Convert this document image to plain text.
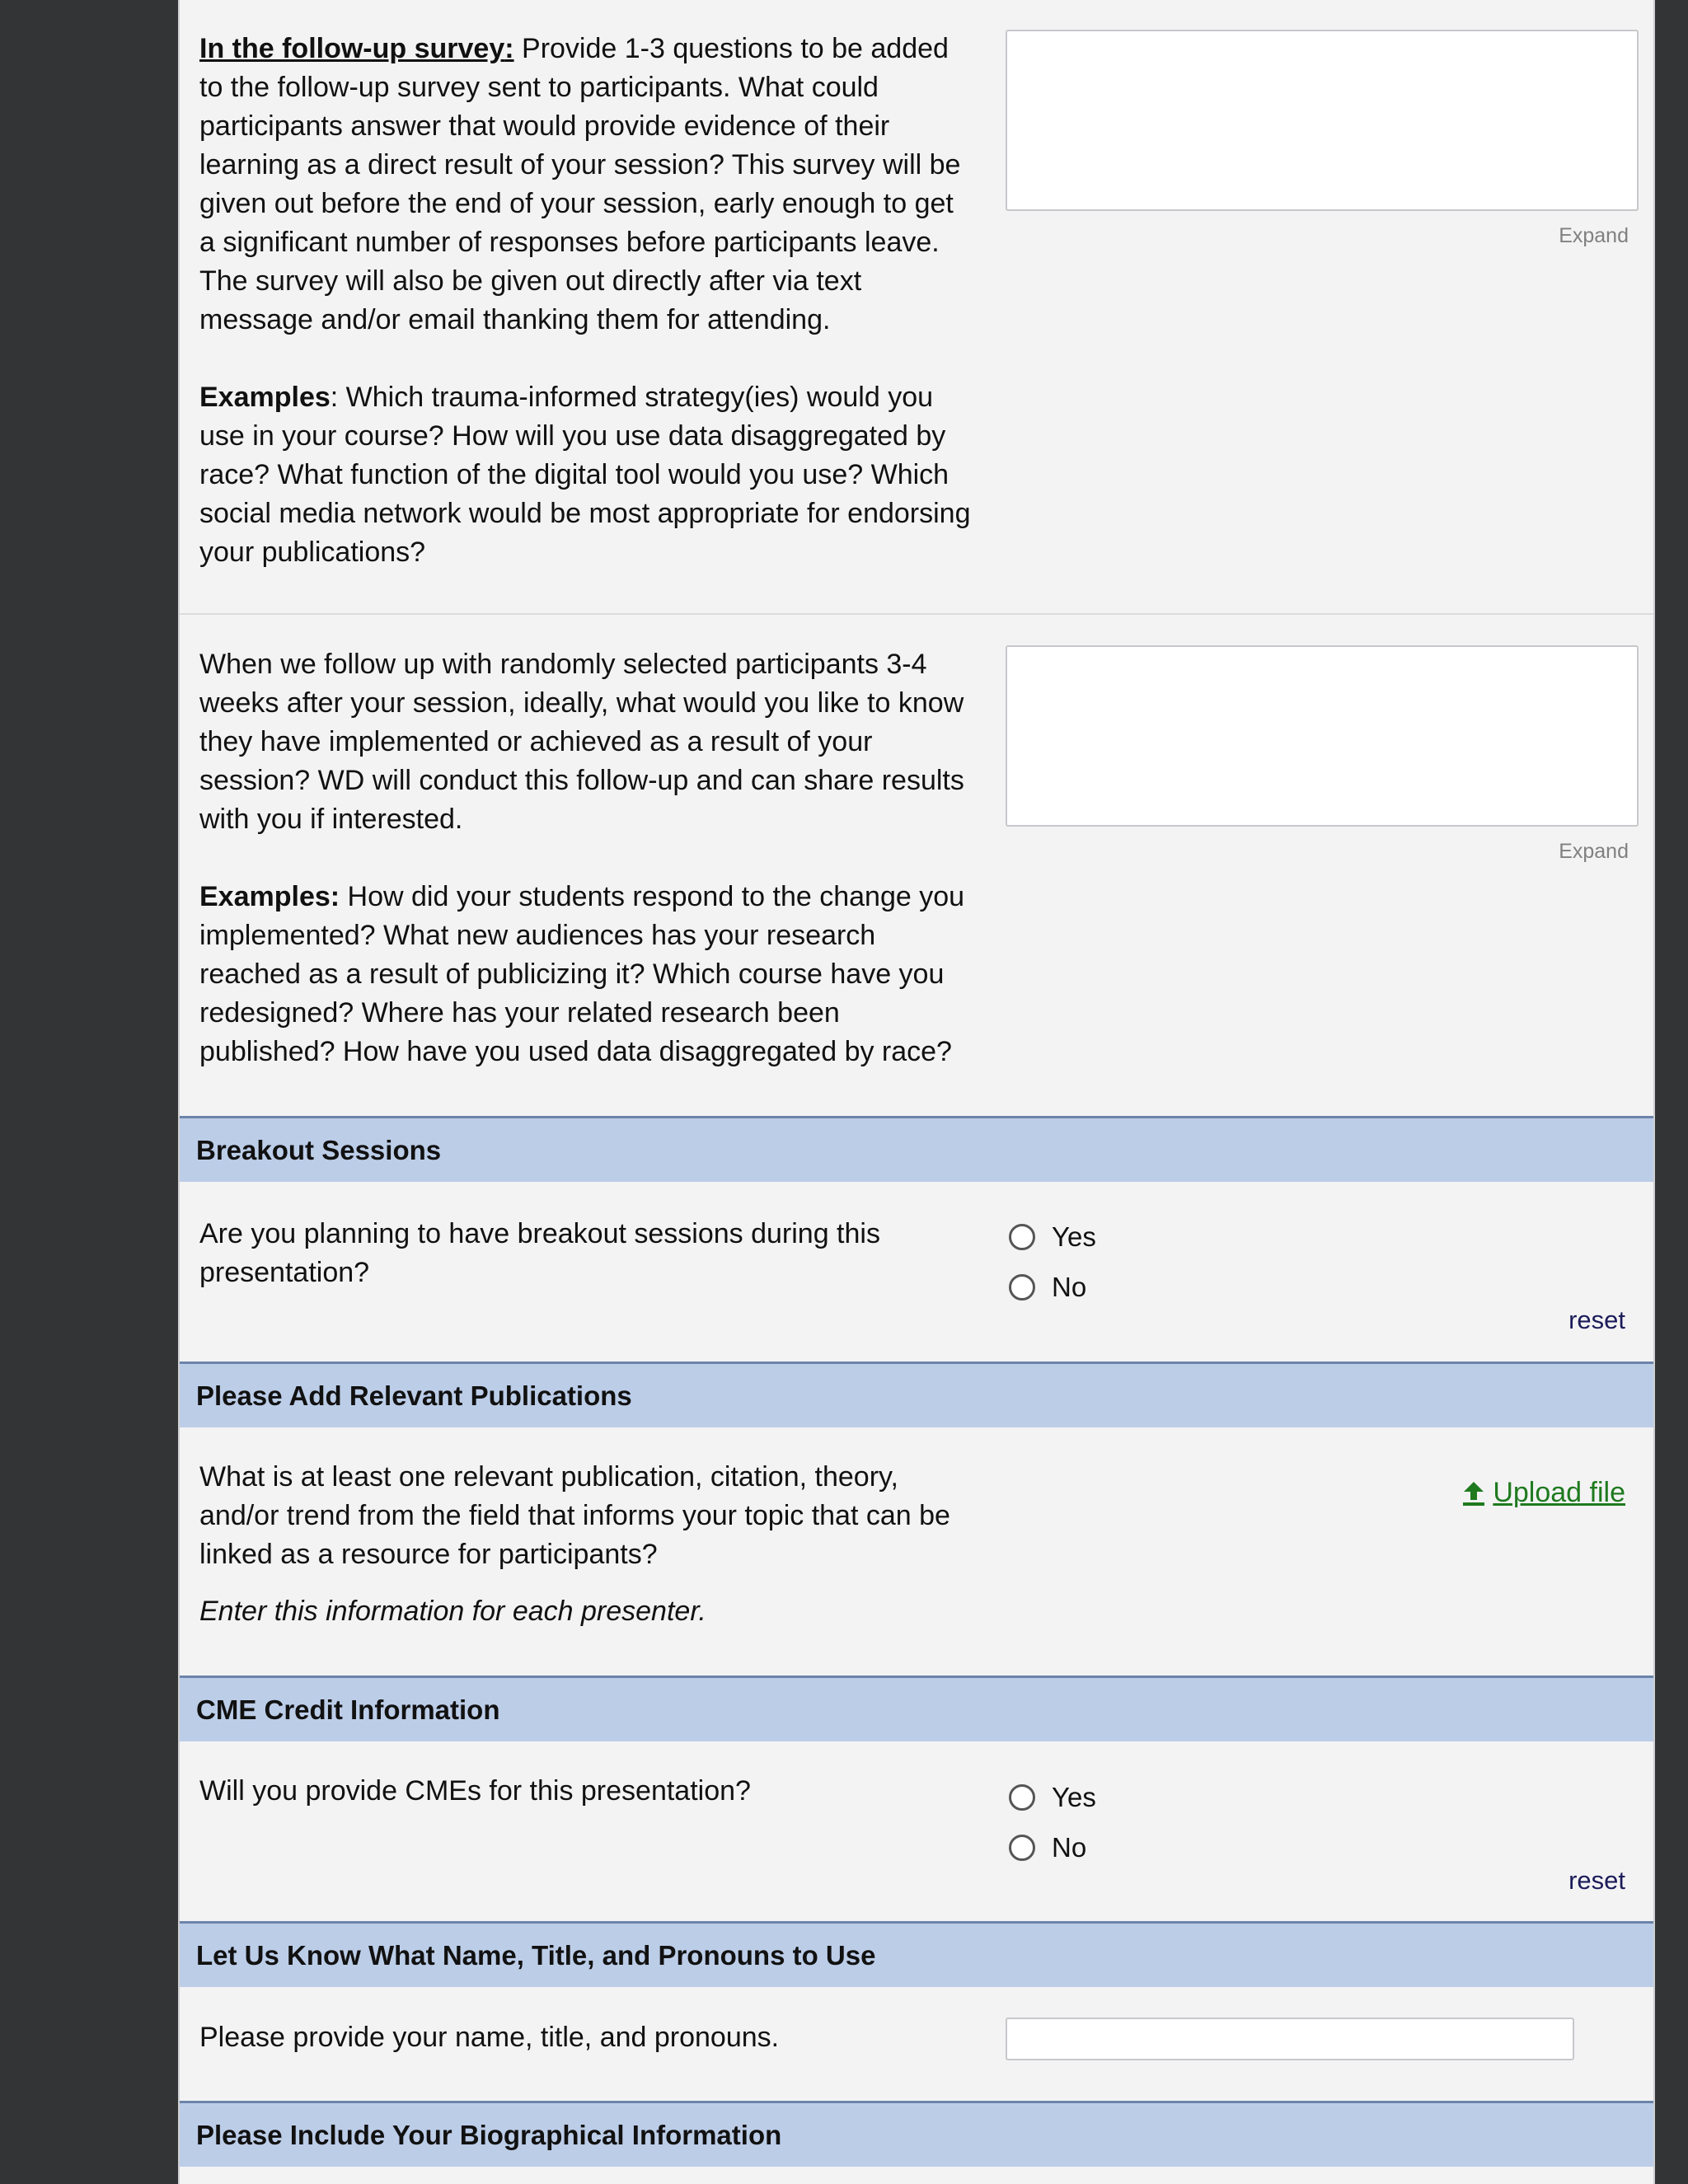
In the follow-up survey: Provide 1-3 questions to be added to the follow-up survey sent to participants. What could participants answer that would provide evidence of their learning as a direct result of your session? This survey will be given out before the end of your session, early enough to get a significant number of responses before participants leave. The survey will also be given out directly after via text message and/or email thanking them for attending.

Examples: Which trauma-informed strategy(ies) would you use in your course? How will you use data disaggregated by race? What function of the digital tool would you use? Which social media network would be most appropriate for endorsing your publications?

Expand

When we follow up with randomly selected participants 3-4 weeks after your session, ideally, what would you like to know they have implemented or achieved as a result of your session? WD will conduct this follow-up and can share results with you if interested.

Examples: How did your students respond to the change you implemented? What new audiences has your research reached as a result of publicizing it? Which course have you redesigned? Where has your related research been published? How have you used data disaggregated by race?

Expand
Breakout Sessions
Are you planning to have breakout sessions during this presentation?
Yes
No
reset
Please Add Relevant Publications

What is at least one relevant publication, citation, theory, and/or trend from the field that informs your topic that can be linked as a resource for participants?

Enter this information for each presenter.

Upload file
CME Credit Information
Will you provide CMEs for this presentation?	Yes
No
reset
Let Us Know What Name, Title, and Pronouns to Use
Please provide your name, title, and pronouns.
Please Include Your Biographical Information
